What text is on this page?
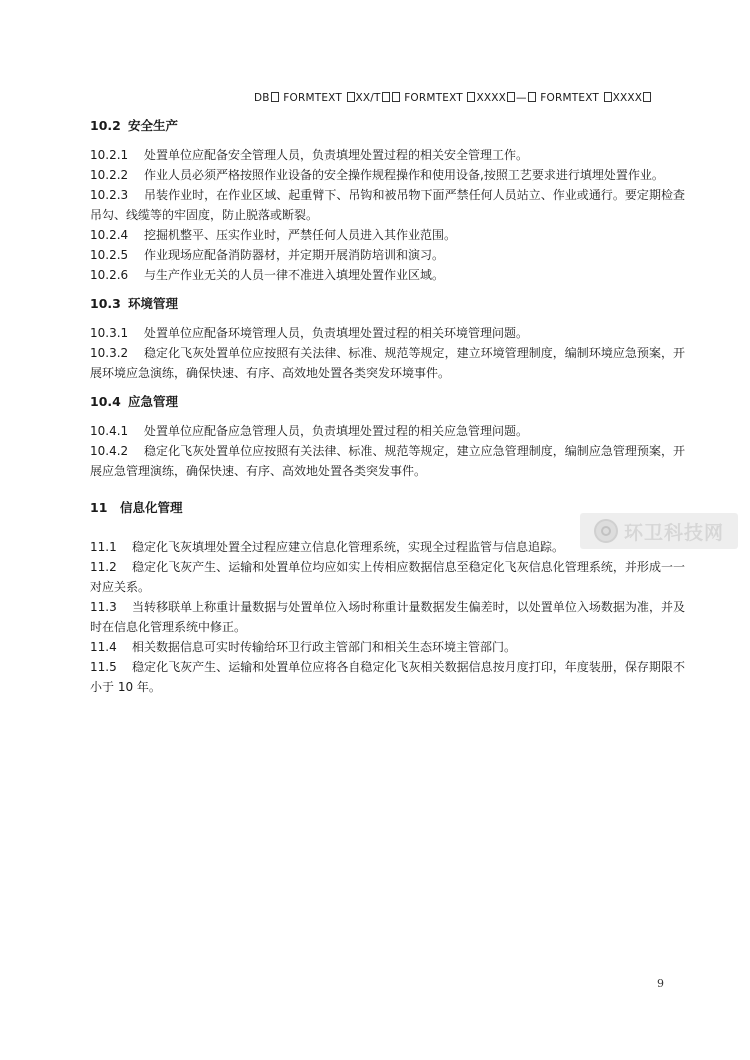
DB FORMTEXT XX/T FORMTEXT XXXX — FORMTEXT XXXX
10.2 安全生产
10.2.1 处置单位应配备安全管理人员，负责填埋处置过程的相关安全管理工作。
10.2.2 作业人员必须严格按照作业设备的安全操作规程操作和使用设备,按照工艺要求进行填埋处置作业。
10.2.3 吊装作业时，在作业区域、起重臂下、吊钩和被吊物下面严禁任何人员站立、作业或通行。要定期检查吊勾、线缆等的牢固度，防止脱落或断裂。
10.2.4 挖掘机整平、压实作业时，严禁任何人员进入其作业范围。
10.2.5 作业现场应配备消防器材，并定期开展消防培训和演习。
10.2.6 与生产作业无关的人员一律不准进入填埋处置作业区域。
10.3 环境管理
10.3.1 处置单位应配备环境管理人员，负责填埋处置过程的相关环境管理问题。
10.3.2 稳定化飞灰处置单位应按照有关法律、标准、规范等规定，建立环境管理制度，编制环境应急预案，开展环境应急演练，确保快速、有序、高效地处置各类突发环境事件。
10.4 应急管理
10.4.1 处置单位应配备应急管理人员，负责填埋处置过程的相关应急管理问题。
10.4.2 稳定化飞灰处置单位应按照有关法律、标准、规范等规定，建立应急管理制度，编制应急管理预案，开展应急管理演练，确保快速、有序、高效地处置各类突发事件。
11 信息化管理
11.1 稳定化飞灰填埋处置全过程应建立信息化管理系统，实现全过程监管与信息追踪。
11.2 稳定化飞灰产生、运输和处置单位均应如实上传相应数据信息至稳定化飞灰信息化管理系统，并形成一一对应关系。
11.3 当转移联单上称重计量数据与处置单位入场时称重计量数据发生偏差时，以处置单位入场数据为准，并及时在信息化管理系统中修正。
11.4 相关数据信息可实时传输给环卫行政主管部门和相关生态环境主管部门。
11.5 稳定化飞灰产生、运输和处置单位应将各自稳定化飞灰相关数据信息按月度打印，年度装册，保存期限不小于 10 年。
环卫科技网
9
